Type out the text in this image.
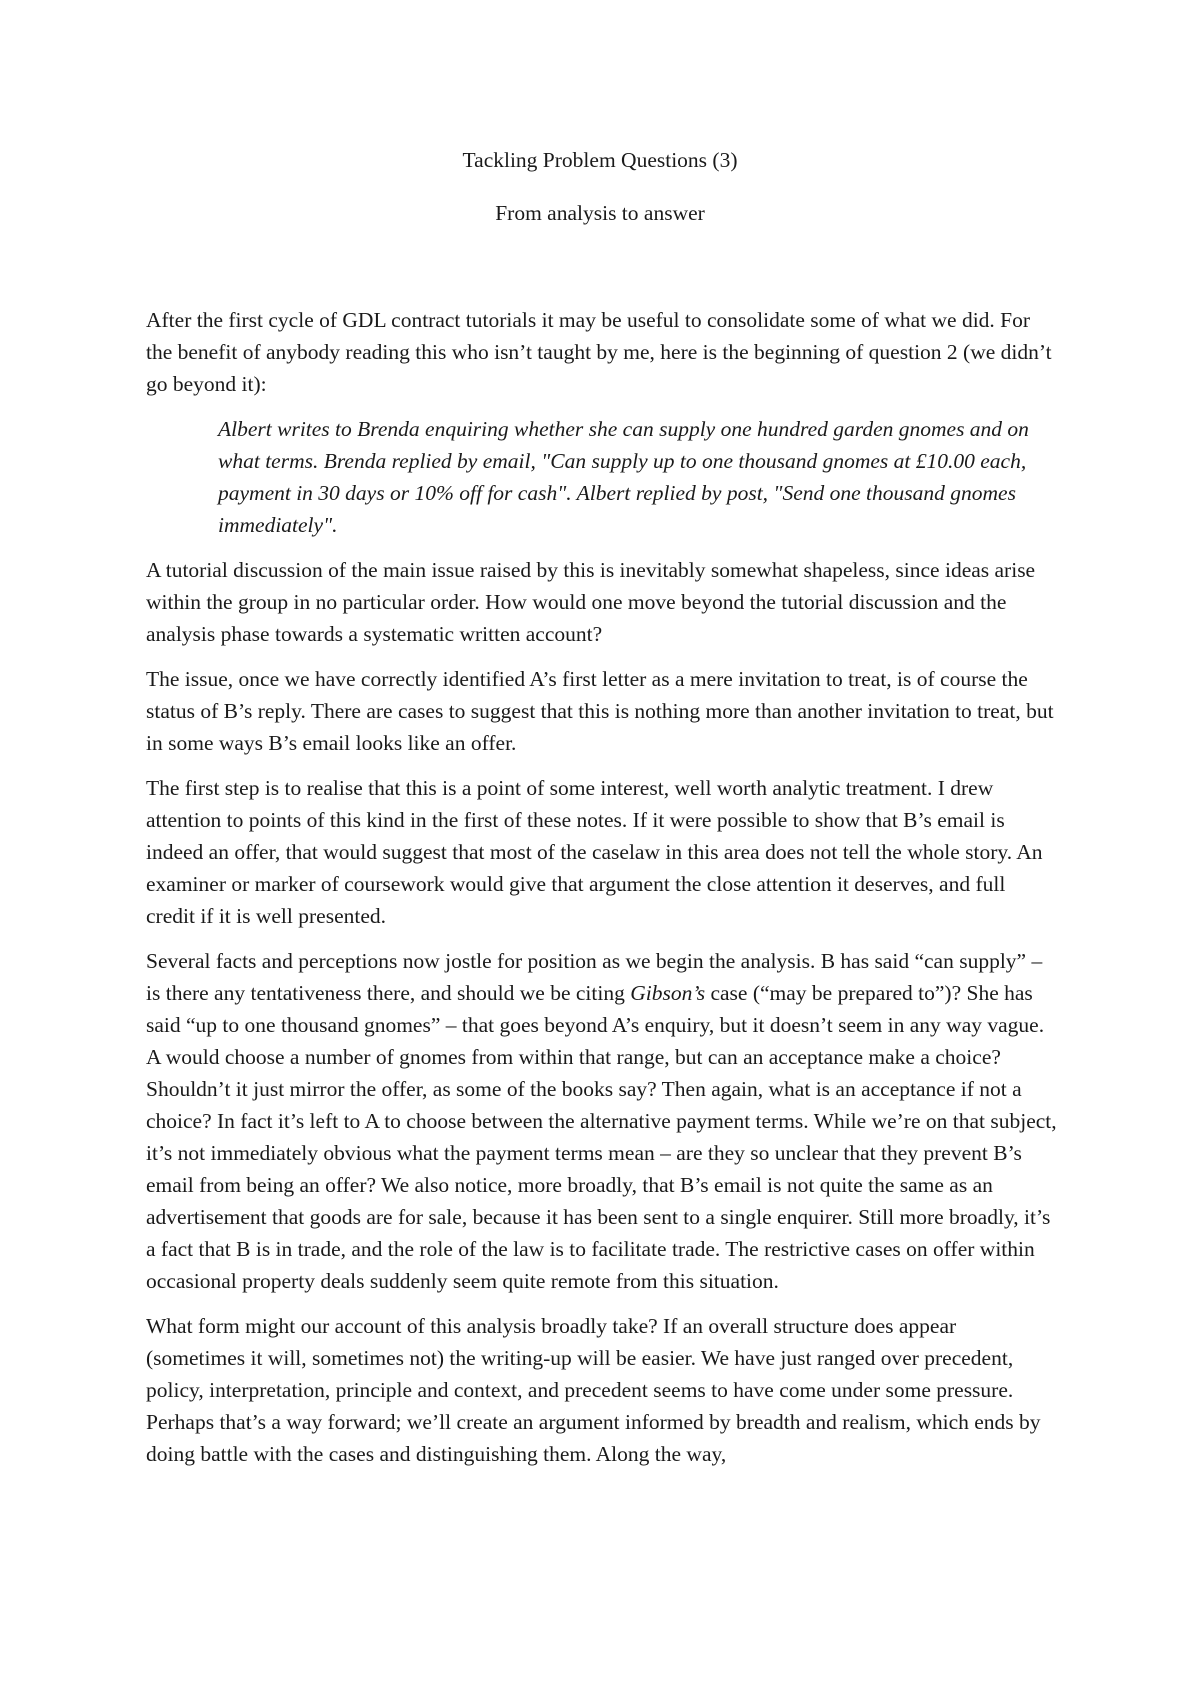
Tackling Problem Questions (3)

From analysis to answer

After the first cycle of GDL contract tutorials it may be useful to consolidate some of what we did. For the benefit of anybody reading this who isn’t taught by me, here is the beginning of question 2 (we didn’t go beyond it):

Albert writes to Brenda enquiring whether she can supply one hundred garden gnomes and on what terms. Brenda replied by email, "Can supply up to one thousand gnomes at £10.00 each, payment in 30 days or 10% off for cash". Albert replied by post, "Send one thousand gnomes immediately".

A tutorial discussion of the main issue raised by this is inevitably somewhat shapeless, since ideas arise within the group in no particular order. How would one move beyond the tutorial discussion and the analysis phase towards a systematic written account?

The issue, once we have correctly identified A’s first letter as a mere invitation to treat, is of course the status of B’s reply. There are cases to suggest that this is nothing more than another invitation to treat, but in some ways B’s email looks like an offer.

The first step is to realise that this is a point of some interest, well worth analytic treatment. I drew attention to points of this kind in the first of these notes. If it were possible to show that B’s email is indeed an offer, that would suggest that most of the caselaw in this area does not tell the whole story. An examiner or marker of coursework would give that argument the close attention it deserves, and full credit if it is well presented.

Several facts and perceptions now jostle for position as we begin the analysis. B has said “can supply” – is there any tentativeness there, and should we be citing Gibson’s case (“may be prepared to”)? She has said “up to one thousand gnomes” – that goes beyond A’s enquiry, but it doesn’t seem in any way vague. A would choose a number of gnomes from within that range, but can an acceptance make a choice? Shouldn’t it just mirror the offer, as some of the books say? Then again, what is an acceptance if not a choice? In fact it’s left to A to choose between the alternative payment terms. While we’re on that subject, it’s not immediately obvious what the payment terms mean – are they so unclear that they prevent B’s email from being an offer? We also notice, more broadly, that B’s email is not quite the same as an advertisement that goods are for sale, because it has been sent to a single enquirer. Still more broadly, it’s a fact that B is in trade, and the role of the law is to facilitate trade. The restrictive cases on offer within occasional property deals suddenly seem quite remote from this situation.

What form might our account of this analysis broadly take? If an overall structure does appear (sometimes it will, sometimes not) the writing-up will be easier. We have just ranged over precedent, policy, interpretation, principle and context, and precedent seems to have come under some pressure. Perhaps that’s a way forward; we’ll create an argument informed by breadth and realism, which ends by doing battle with the cases and distinguishing them. Along the way,
